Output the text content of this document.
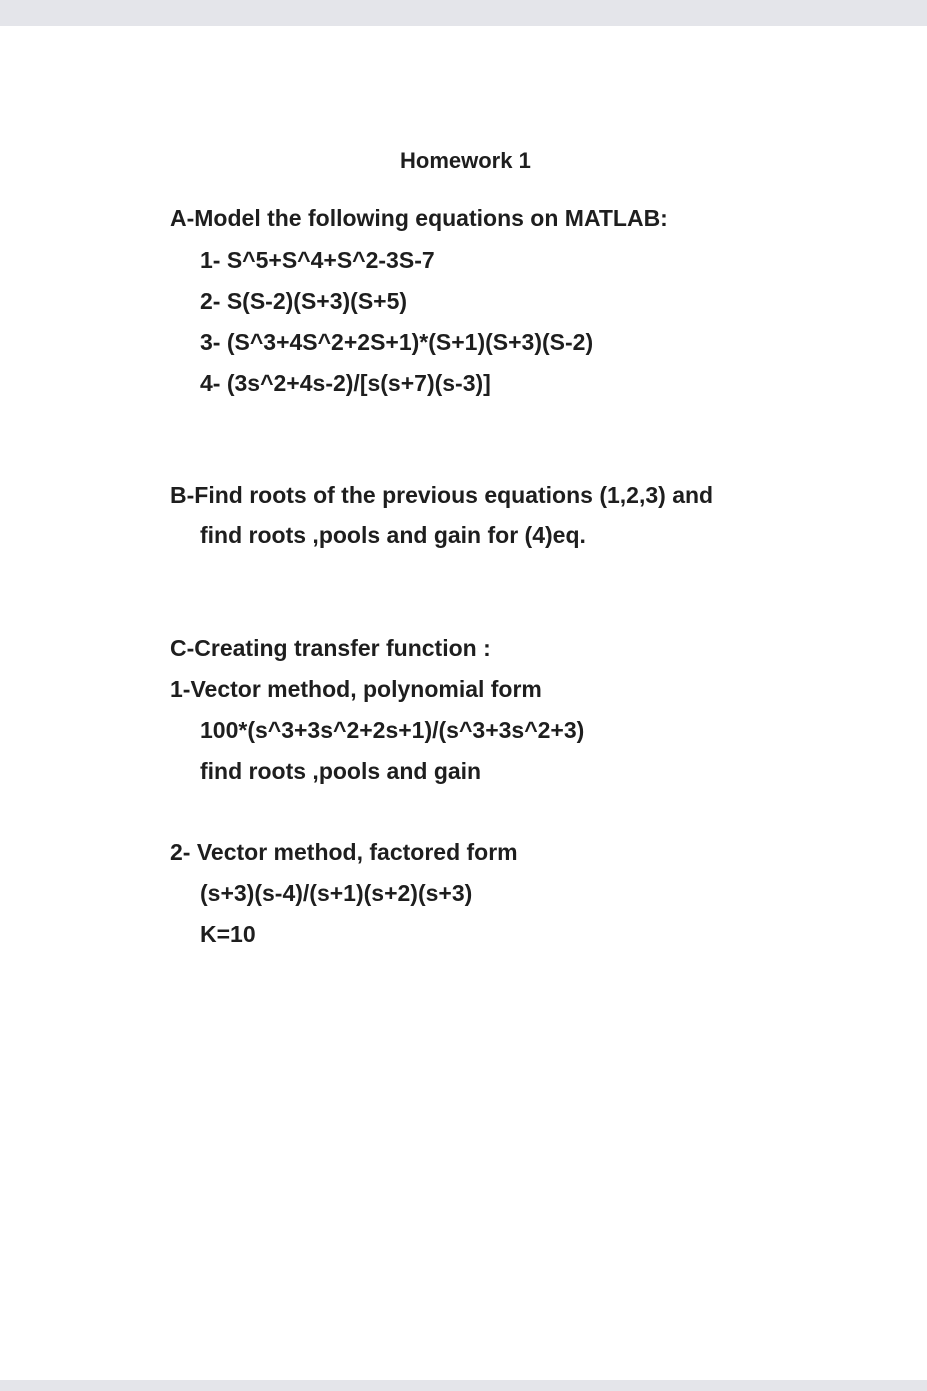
Homework 1
A-Model the following equations on MATLAB:
1- S^5+S^4+S^2-3S-7
2- S(S-2)(S+3)(S+5)
3- (S^3+4S^2+2S+1)*(S+1)(S+3)(S-2)
4- (3s^2+4s-2)/[s(s+7)(s-3)]
B-Find roots of the previous equations (1,2,3) and
find roots ,pools and gain for (4)eq.
C-Creating transfer function :
1-Vector method, polynomial form
100*(s^3+3s^2+2s+1)/(s^3+3s^2+3)
find roots ,pools and gain
2- Vector method, factored form
(s+3)(s-4)/(s+1)(s+2)(s+3)
K=10
